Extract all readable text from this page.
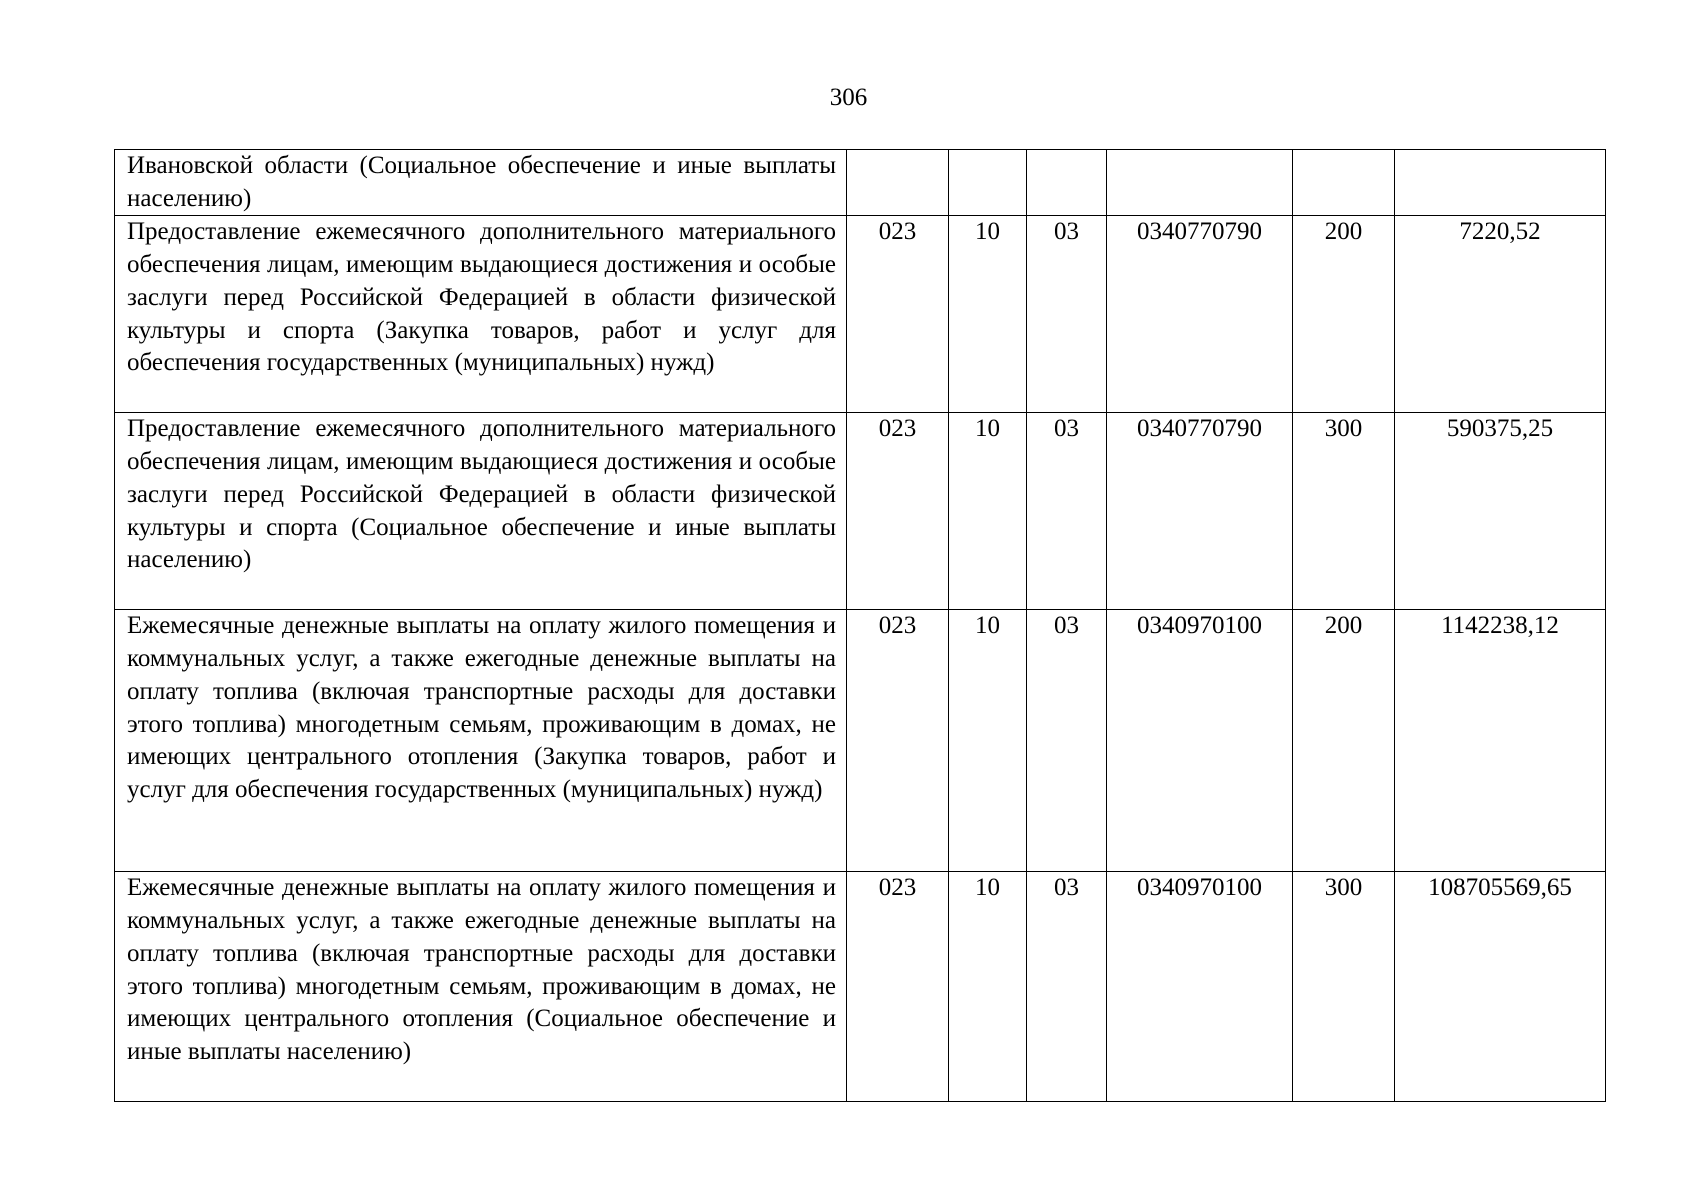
306
Ивановской области (Социальное обеспечение и иные выплаты населению)						
Предоставление ежемесячного дополнительного материального обеспечения лицам, имеющим выдающиеся достижения и особые заслуги перед Российской Федерацией в области физической культуры и спорта (Закупка товаров, работ и услуг для обеспечения государственных (муниципальных) нужд)	023	10	03	0340770790	200	7220,52
Предоставление ежемесячного дополнительного материального обеспечения лицам, имеющим выдающиеся достижения и особые заслуги перед Российской Федерацией в области физической культуры и спорта (Социальное обеспечение и иные выплаты населению)	023	10	03	0340770790	300	590375,25
Ежемесячные денежные выплаты на оплату жилого помещения и коммунальных услуг, а также ежегодные денежные выплаты на оплату топлива (включая транспортные расходы для доставки этого топлива) многодетным семьям, проживающим в домах, не имеющих центрального отопления (Закупка товаров, работ и услуг для обеспечения государственных (муниципальных) нужд)	023	10	03	0340970100	200	1142238,12
Ежемесячные денежные выплаты на оплату жилого помещения и коммунальных услуг, а также ежегодные денежные выплаты на оплату топлива (включая транспортные расходы для доставки этого топлива) многодетным семьям, проживающим в домах, не имеющих центрального отопления (Социальное обеспечение и иные выплаты населению)	023	10	03	0340970100	300	108705569,65
